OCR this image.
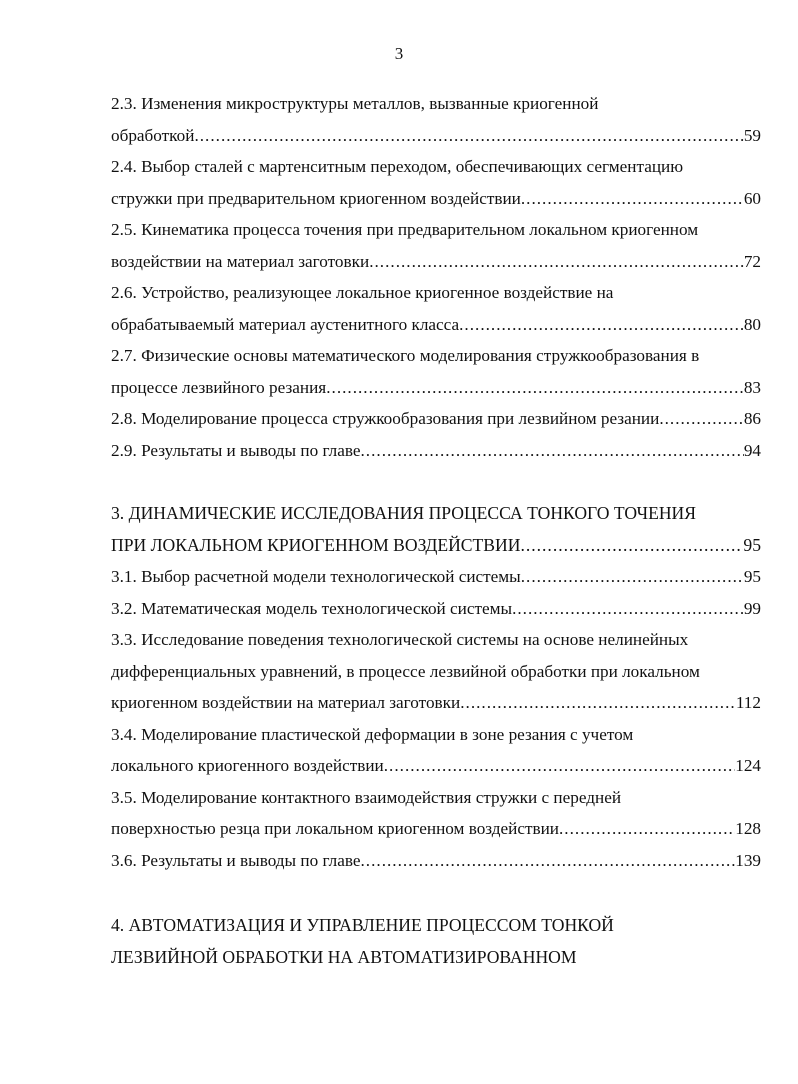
3
2.3. Изменения микроструктуры металлов, вызванные криогенной
обработкой .....	59
2.4. Выбор сталей с мартенситным переходом, обеспечивающих сегментацию
стружки при предварительном криогенном воздействии .....	60
2.5. Кинематика процесса точения при предварительном локальном криогенном
воздействии на материал заготовки .....	72
2.6. Устройство, реализующее локальное криогенное воздействие на
обрабатываемый материал аустенитного класса .....	80
2.7. Физические основы математического моделирования стружкообразования в
процессе лезвийного резания .....	83
2.8. Моделирование процесса стружкообразования при лезвийном резании .....	86
2.9. Результаты и выводы по главе .....	94
3. ДИНАМИЧЕСКИЕ ИССЛЕДОВАНИЯ ПРОЦЕССА ТОНКОГО ТОЧЕНИЯ
ПРИ ЛОКАЛЬНОМ КРИОГЕННОМ ВОЗДЕЙСТВИИ .....	95
3.1. Выбор расчетной модели технологической системы .....	95
3.2. Математическая модель технологической системы .....	99
3.3. Исследование поведения технологической системы на основе нелинейных
дифференциальных уравнений, в процессе лезвийной обработки при локальном
криогенном воздействии на материал заготовки .....	112
3.4. Моделирование пластической деформации в зоне резания с учетом
локального криогенного воздействии .....	124
3.5. Моделирование контактного взаимодействия стружки с передней
поверхностью резца при локальном криогенном воздействии .....	128
3.6. Результаты и выводы по главе .....	139
4. АВТОМАТИЗАЦИЯ И УПРАВЛЕНИЕ ПРОЦЕССОМ ТОНКОЙ
ЛЕЗВИЙНОЙ ОБРАБОТКИ НА АВТОМАТИЗИРОВАННОМ
